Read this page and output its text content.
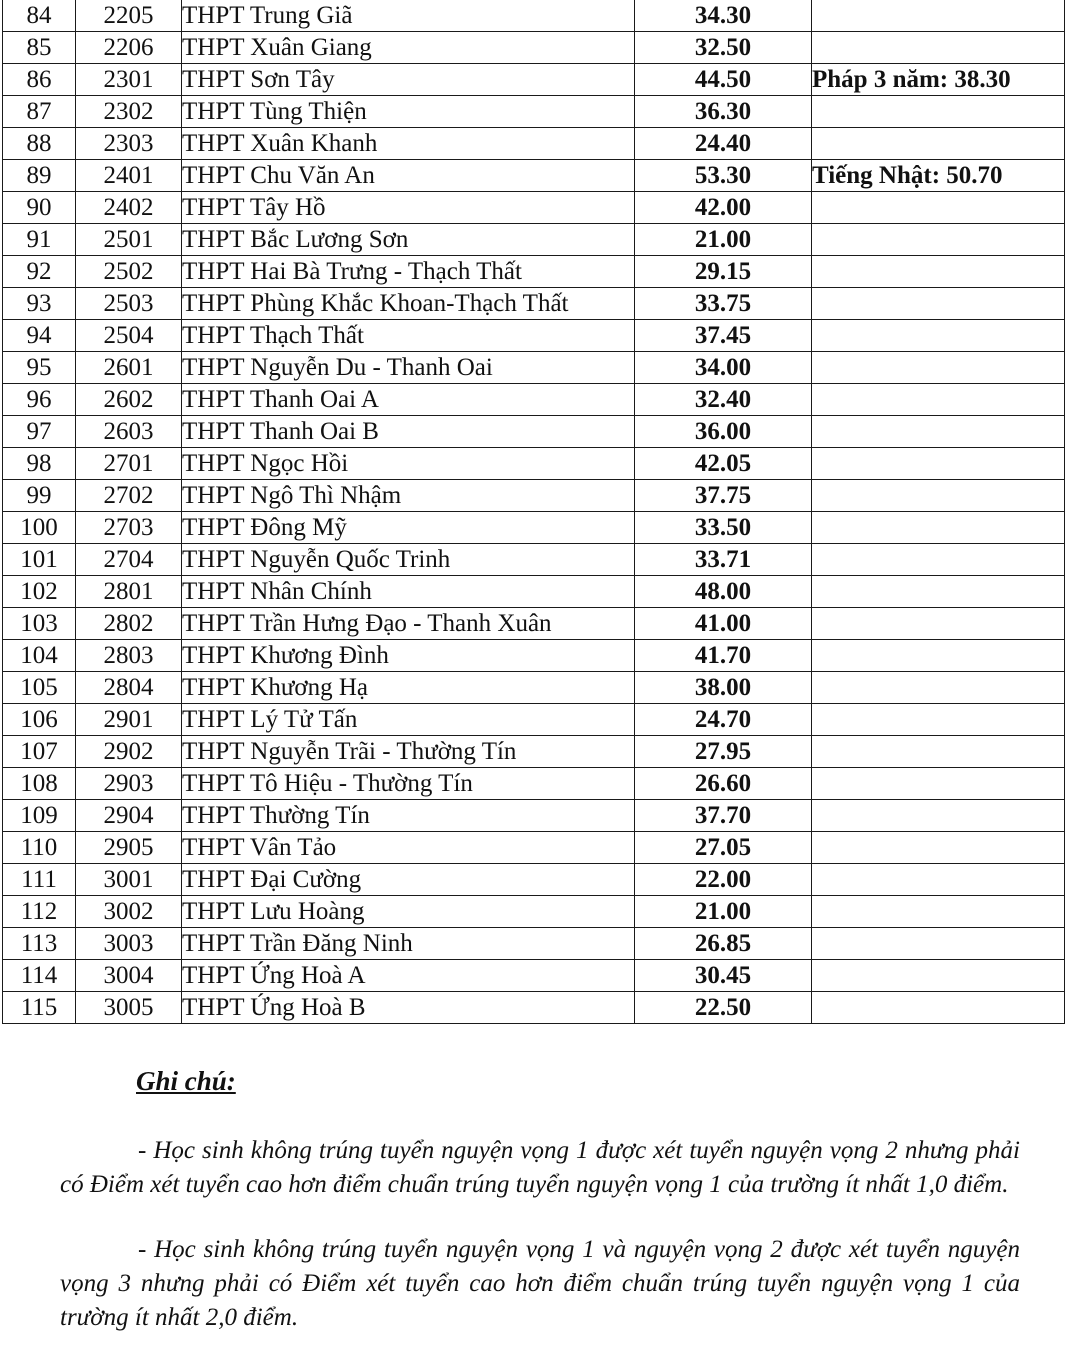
84	2205	THPT Trung Giã	34.30	
85	2206	THPT Xuân Giang	32.50	
86	2301	THPT Sơn Tây	44.50	Pháp 3 năm: 38.30
87	2302	THPT Tùng Thiện	36.30	
88	2303	THPT Xuân Khanh	24.40	
89	2401	THPT Chu Văn An	53.30	Tiếng Nhật: 50.70
90	2402	THPT Tây Hồ	42.00	
91	2501	THPT Bắc Lương Sơn	21.00	
92	2502	THPT Hai Bà Trưng - Thạch Thất	29.15	
93	2503	THPT Phùng Khắc Khoan-Thạch Thất	33.75	
94	2504	THPT Thạch Thất	37.45	
95	2601	THPT Nguyễn Du - Thanh Oai	34.00	
96	2602	THPT Thanh Oai A	32.40	
97	2603	THPT Thanh Oai B	36.00	
98	2701	THPT Ngọc Hồi	42.05	
99	2702	THPT Ngô Thì Nhậm	37.75	
100	2703	THPT Đông Mỹ	33.50	
101	2704	THPT Nguyễn Quốc Trinh	33.71	
102	2801	THPT Nhân Chính	48.00	
103	2802	THPT Trần Hưng Đạo - Thanh Xuân	41.00	
104	2803	THPT Khương Đình	41.70	
105	2804	THPT Khương Hạ	38.00	
106	2901	THPT Lý Tử Tấn	24.70	
107	2902	THPT Nguyễn Trãi - Thường Tín	27.95	
108	2903	THPT Tô Hiệu - Thường Tín	26.60	
109	2904	THPT Thường Tín	37.70	
110	2905	THPT Vân Tảo	27.05	
111	3001	THPT Đại Cường	22.00	
112	3002	THPT Lưu Hoàng	21.00	
113	3003	THPT Trần Đăng Ninh	26.85	
114	3004	THPT Ứng Hoà A	30.45	
115	3005	THPT Ứng Hoà B	22.50	

Ghi chú:

- Học sinh không trúng tuyển nguyện vọng 1 được xét tuyển nguyện vọng 2 nhưng phải có Điểm xét tuyển cao hơn điểm chuẩn trúng tuyển nguyện vọng 1 của trường ít nhất 1,0 điểm.

- Học sinh không trúng tuyển nguyện vọng 1 và nguyện vọng 2 được xét tuyển nguyện vọng 3 nhưng phải có Điểm xét tuyển cao hơn điểm chuẩn trúng tuyển nguyện vọng 1 của trường ít nhất 2,0 điểm.
